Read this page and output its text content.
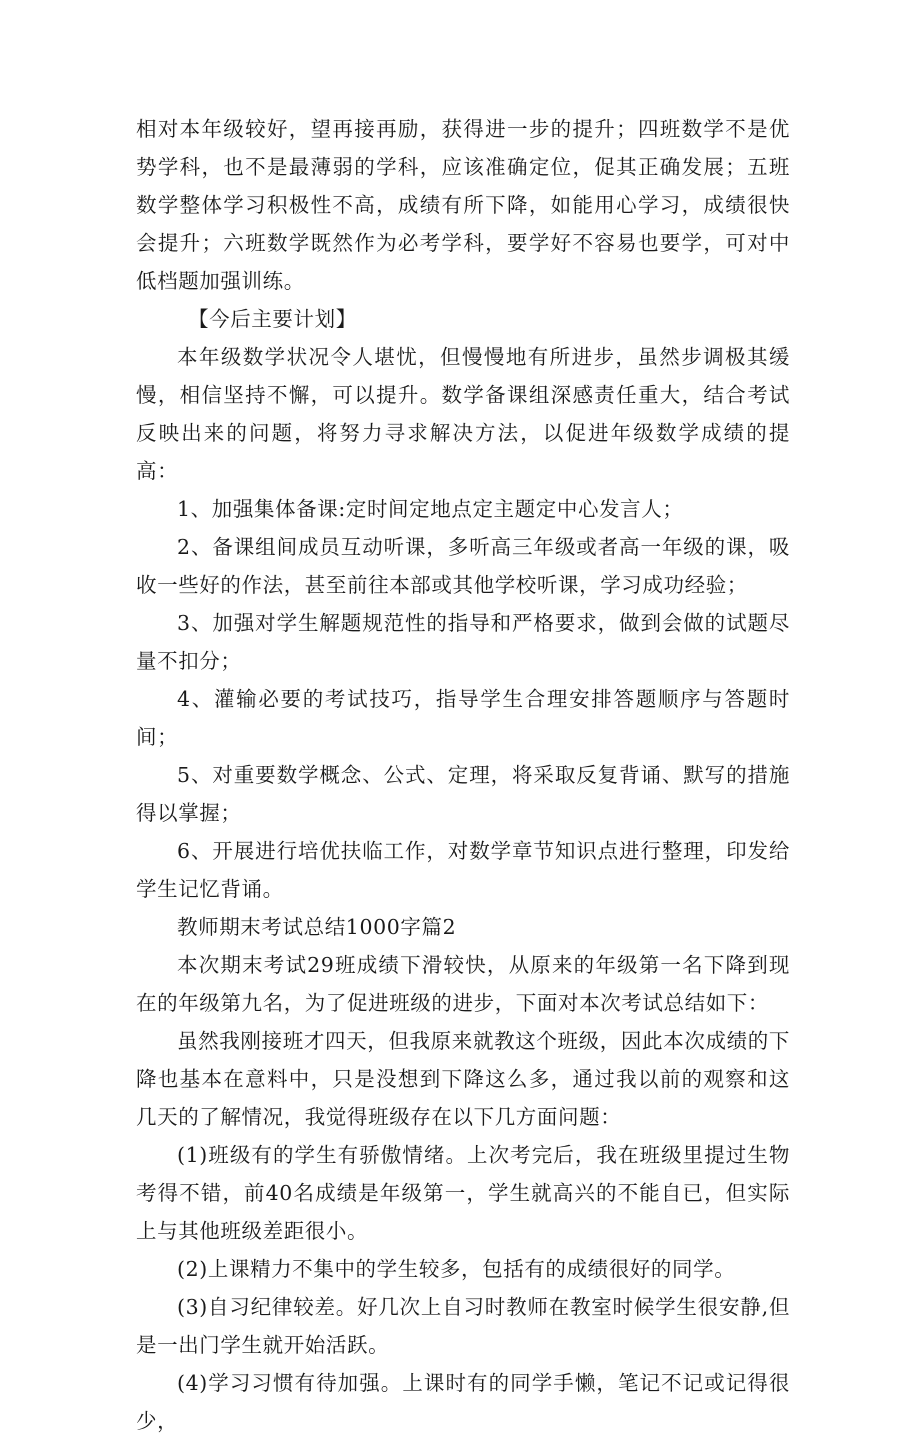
相对本年级较好，望再接再励，获得进一步的提升；四班数学不是优势学科，也不是最薄弱的学科，应该准确定位，促其正确发展；五班数学整体学习积极性不高，成绩有所下降，如能用心学习，成绩很快会提升；六班数学既然作为必考学科，要学好不容易也要学，可对中低档题加强训练。

【今后主要计划】

本年级数学状况令人堪忧，但慢慢地有所进步，虽然步调极其缓慢，相信坚持不懈，可以提升。数学备课组深感责任重大，结合考试反映出来的问题，将努力寻求解决方法，以促进年级数学成绩的提高：

1、加强集体备课:定时间定地点定主题定中心发言人；

2、备课组间成员互动听课，多听高三年级或者高一年级的课，吸收一些好的作法，甚至前往本部或其他学校听课，学习成功经验；

3、加强对学生解题规范性的指导和严格要求，做到会做的试题尽量不扣分；

4、灌输必要的考试技巧，指导学生合理安排答题顺序与答题时间；

5、对重要数学概念、公式、定理，将采取反复背诵、默写的措施得以掌握；

6、开展进行培优扶临工作，对数学章节知识点进行整理，印发给学生记忆背诵。

教师期末考试总结1000字篇2

本次期末考试29班成绩下滑较快，从原来的年级第一名下降到现在的年级第九名，为了促进班级的进步，下面对本次考试总结如下：

虽然我刚接班才四天，但我原来就教这个班级，因此本次成绩的下降也基本在意料中，只是没想到下降这么多，通过我以前的观察和这几天的了解情况，我觉得班级存在以下几方面问题：

(1)班级有的学生有骄傲情绪。上次考完后，我在班级里提过生物考得不错，前40名成绩是年级第一，学生就高兴的不能自已，但实际上与其他班级差距很小。

(2)上课精力不集中的学生较多，包括有的成绩很好的同学。

(3)自习纪律较差。好几次上自习时教师在教室时候学生很安静,但是一出门学生就开始活跃。

(4)学习习惯有待加强。上课时有的同学手懒，笔记不记或记得很少，
